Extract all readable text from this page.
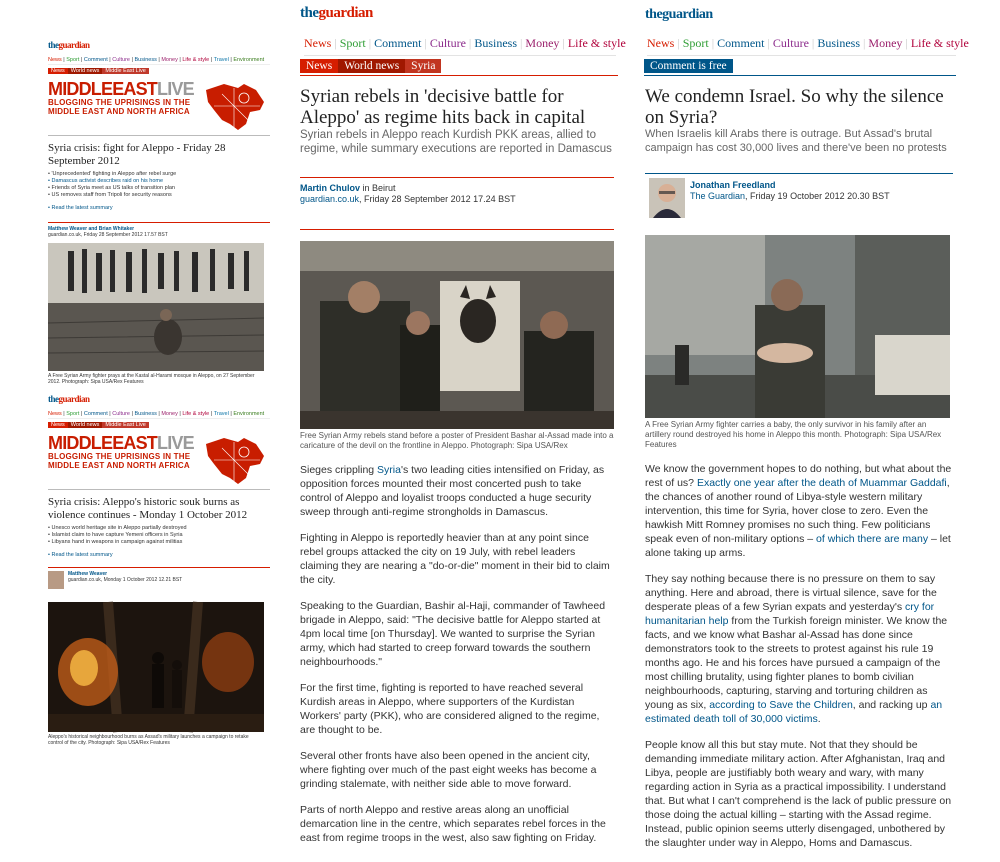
theguardian
News | Sport | Comment | Culture | Business | Money | Life & style | Travel | Environment
News World news Middle East Live
MIDDLEEASTLIVE
BLOGGING THE UPRISINGS IN THE
MIDDLE EAST AND NORTH AFRICA
Syria crisis: fight for Aleppo - Friday 28 September 2012
• 'Unprecedented' fighting in Aleppo after rebel surge
• Damascus activist describes raid on his home
• Friends of Syria meet as US talks of transition plan
• US removes staff from Tripoli for security reasons
• Read the latest summary
Matthew Weaver and Brian Whitaker
guardian.co.uk, Friday 28 September 2012 17.57 BST
A Free Syrian Army fighter prays at the Kastal al-Harami mosque in Aleppo, on 27 September 2012. Photograph: Sipa USA/Rex Features
theguardian
News | Sport | Comment | Culture | Business | Money | Life & style | Travel | Environment
News World news Middle East Live
MIDDLEEASTLIVE
BLOGGING THE UPRISINGS IN THE
MIDDLE EAST AND NORTH AFRICA
Syria crisis: Aleppo's historic souk burns as violence continues - Monday 1 October 2012
• Unesco world heritage site in Aleppo partially destroyed
• Islamist claim to have capture Yemeni officers in Syria
• Libyans hand in weapons in campaign against militias
• Read the latest summary
Matthew Weaver
guardian.co.uk, Monday 1 October 2012 12.21 BST
Aleppo's historical neighbourhood burns as Assad's military launches a campaign to retake control of the city. Photograph: Sipa USA/Rex Features
theguardian
News | Sport | Comment | Culture | Business | Money | Life & style
News World news Syria
Syrian rebels in 'decisive battle for Aleppo' as regime hits back in capital
Syrian rebels in Aleppo reach Kurdish PKK areas, allied to regime, while summary executions are reported in Damascus
Martin Chulov in Beirut
guardian.co.uk, Friday 28 September 2012 17.24 BST
Free Syrian Army rebels stand before a poster of President Bashar al-Assad made into a caricature of the devil on the frontline in Aleppo. Photograph: Sipa USA/Rex

Sieges crippling Syria's two leading cities intensified on Friday, as opposition forces mounted their most concerted push to take control of Aleppo and loyalist troops conducted a huge security sweep through anti-regime strongholds in Damascus.

Fighting in Aleppo is reportedly heavier than at any point since rebel groups attacked the city on 19 July, with rebel leaders claiming they are nearing a "do-or-die" moment in their bid to claim the city.

Speaking to the Guardian, Bashir al-Haji, commander of Tawheed brigade in Aleppo, said: "The decisive battle for Aleppo started at 4pm local time [on Thursday]. We wanted to surprise the Syrian army, which had started to creep forward towards the southern neighbourhoods."

For the first time, fighting is reported to have reached several Kurdish areas in Aleppo, where supporters of the Kurdistan Workers' party (PKK), who are considered aligned to the regime, are thought to be.

Several other fronts have also been opened in the ancient city, where fighting over much of the past eight weeks has become a grinding stalemate, with neither side able to move forward.

Parts of north Aleppo and restive areas along an unofficial demarcation line in the centre, which separates rebel forces in the east from regime troops in the west, also saw fighting on Friday.

theguardian
News | Sport | Comment | Culture | Business | Money | Life & style
Comment is free
We condemn Israel. So why the silence on Syria?
When Israelis kill Arabs there is outrage. But Assad's brutal campaign has cost 30,000 lives and there've been no protests
Jonathan Freedland
The Guardian, Friday 19 October 2012 20.30 BST
A Free Syrian Army fighter carries a baby, the only survivor in his family after an artillery round destroyed his home in Aleppo this month. Photograph: Sipa USA/Rex Features

We know the government hopes to do nothing, but what about the rest of us? Exactly one year after the death of Muammar Gaddafi, the chances of another round of Libya-style western military intervention, this time for Syria, hover close to zero. Even the hawkish Mitt Romney promises no such thing. Few politicians speak even of non-military options – of which there are many – let alone taking up arms.

They say nothing because there is no pressure on them to say anything. Here and abroad, there is virtual silence, save for the desperate pleas of a few Syrian expats and yesterday's cry for humanitarian help from the Turkish foreign minister. We know the facts, and we know what Bashar al-Assad has done since demonstrators took to the streets to protest against his rule 19 months ago. He and his forces have pursued a campaign of the most chilling brutality, using fighter planes to bomb civilian neighbourhoods, capturing, starving and torturing children as young as six, according to Save the Children, and racking up an estimated death toll of 30,000 victims.

People know all this but stay mute. Not that they should be demanding immediate military action. After Afghanistan, Iraq and Libya, people are justifiably both weary and wary, with many regarding action in Syria as a practical impossibility. I understand that. But what I can't comprehend is the lack of public pressure on those doing the actual killing – starting with the Assad regime. Instead, public opinion seems utterly disengaged, unbothered by the slaughter under way in Aleppo, Homs and Damascus.
